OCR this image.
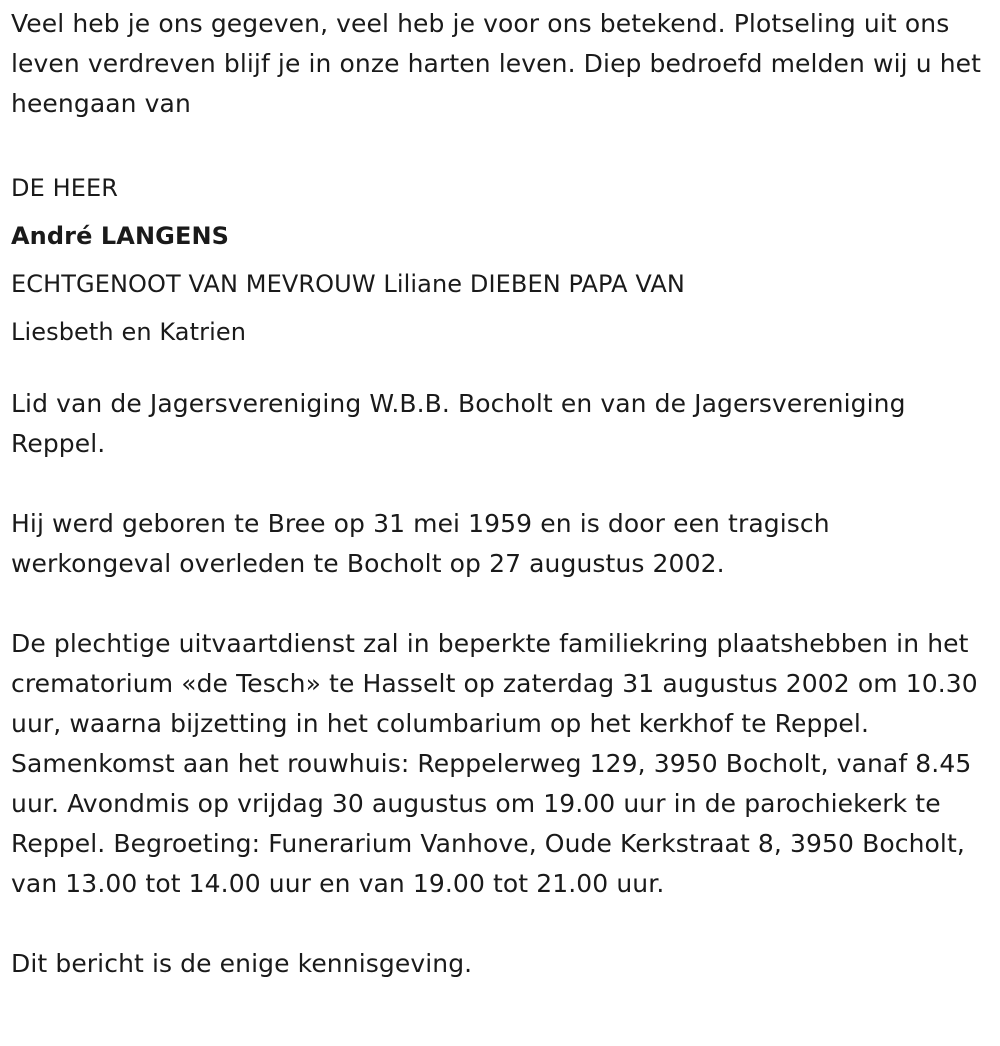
Veel heb je ons gegeven, veel heb je voor ons betekend. Plotseling uit ons leven verdreven blijf je in onze harten leven. Diep bedroefd melden wij u het heengaan van

DE HEER

André LANGENS

ECHTGENOOT VAN MEVROUW Liliane DIEBEN PAPA VAN

Liesbeth en Katrien

Lid van de Jagersvereniging W.B.B. Bocholt en van de Jagersvereniging Reppel.

Hij werd geboren te Bree op 31 mei 1959 en is door een tragisch werkongeval overleden te Bocholt op 27 augustus 2002.

De plechtige uitvaartdienst zal in beperkte familiekring plaatshebben in het crematorium «de Tesch» te Hasselt op zaterdag 31 augustus 2002 om 10.30 uur, waarna bijzetting in het columbarium op het kerkhof te Reppel. Samenkomst aan het rouwhuis: Reppelerweg 129, 3950 Bocholt, vanaf 8.45 uur. Avondmis op vrijdag 30 augustus om 19.00 uur in de parochiekerk te Reppel. Begroeting: Funerarium Vanhove, Oude Kerkstraat 8, 3950 Bocholt, van 13.00 tot 14.00 uur en van 19.00 tot 21.00 uur.

Dit bericht is de enige kennisgeving.
